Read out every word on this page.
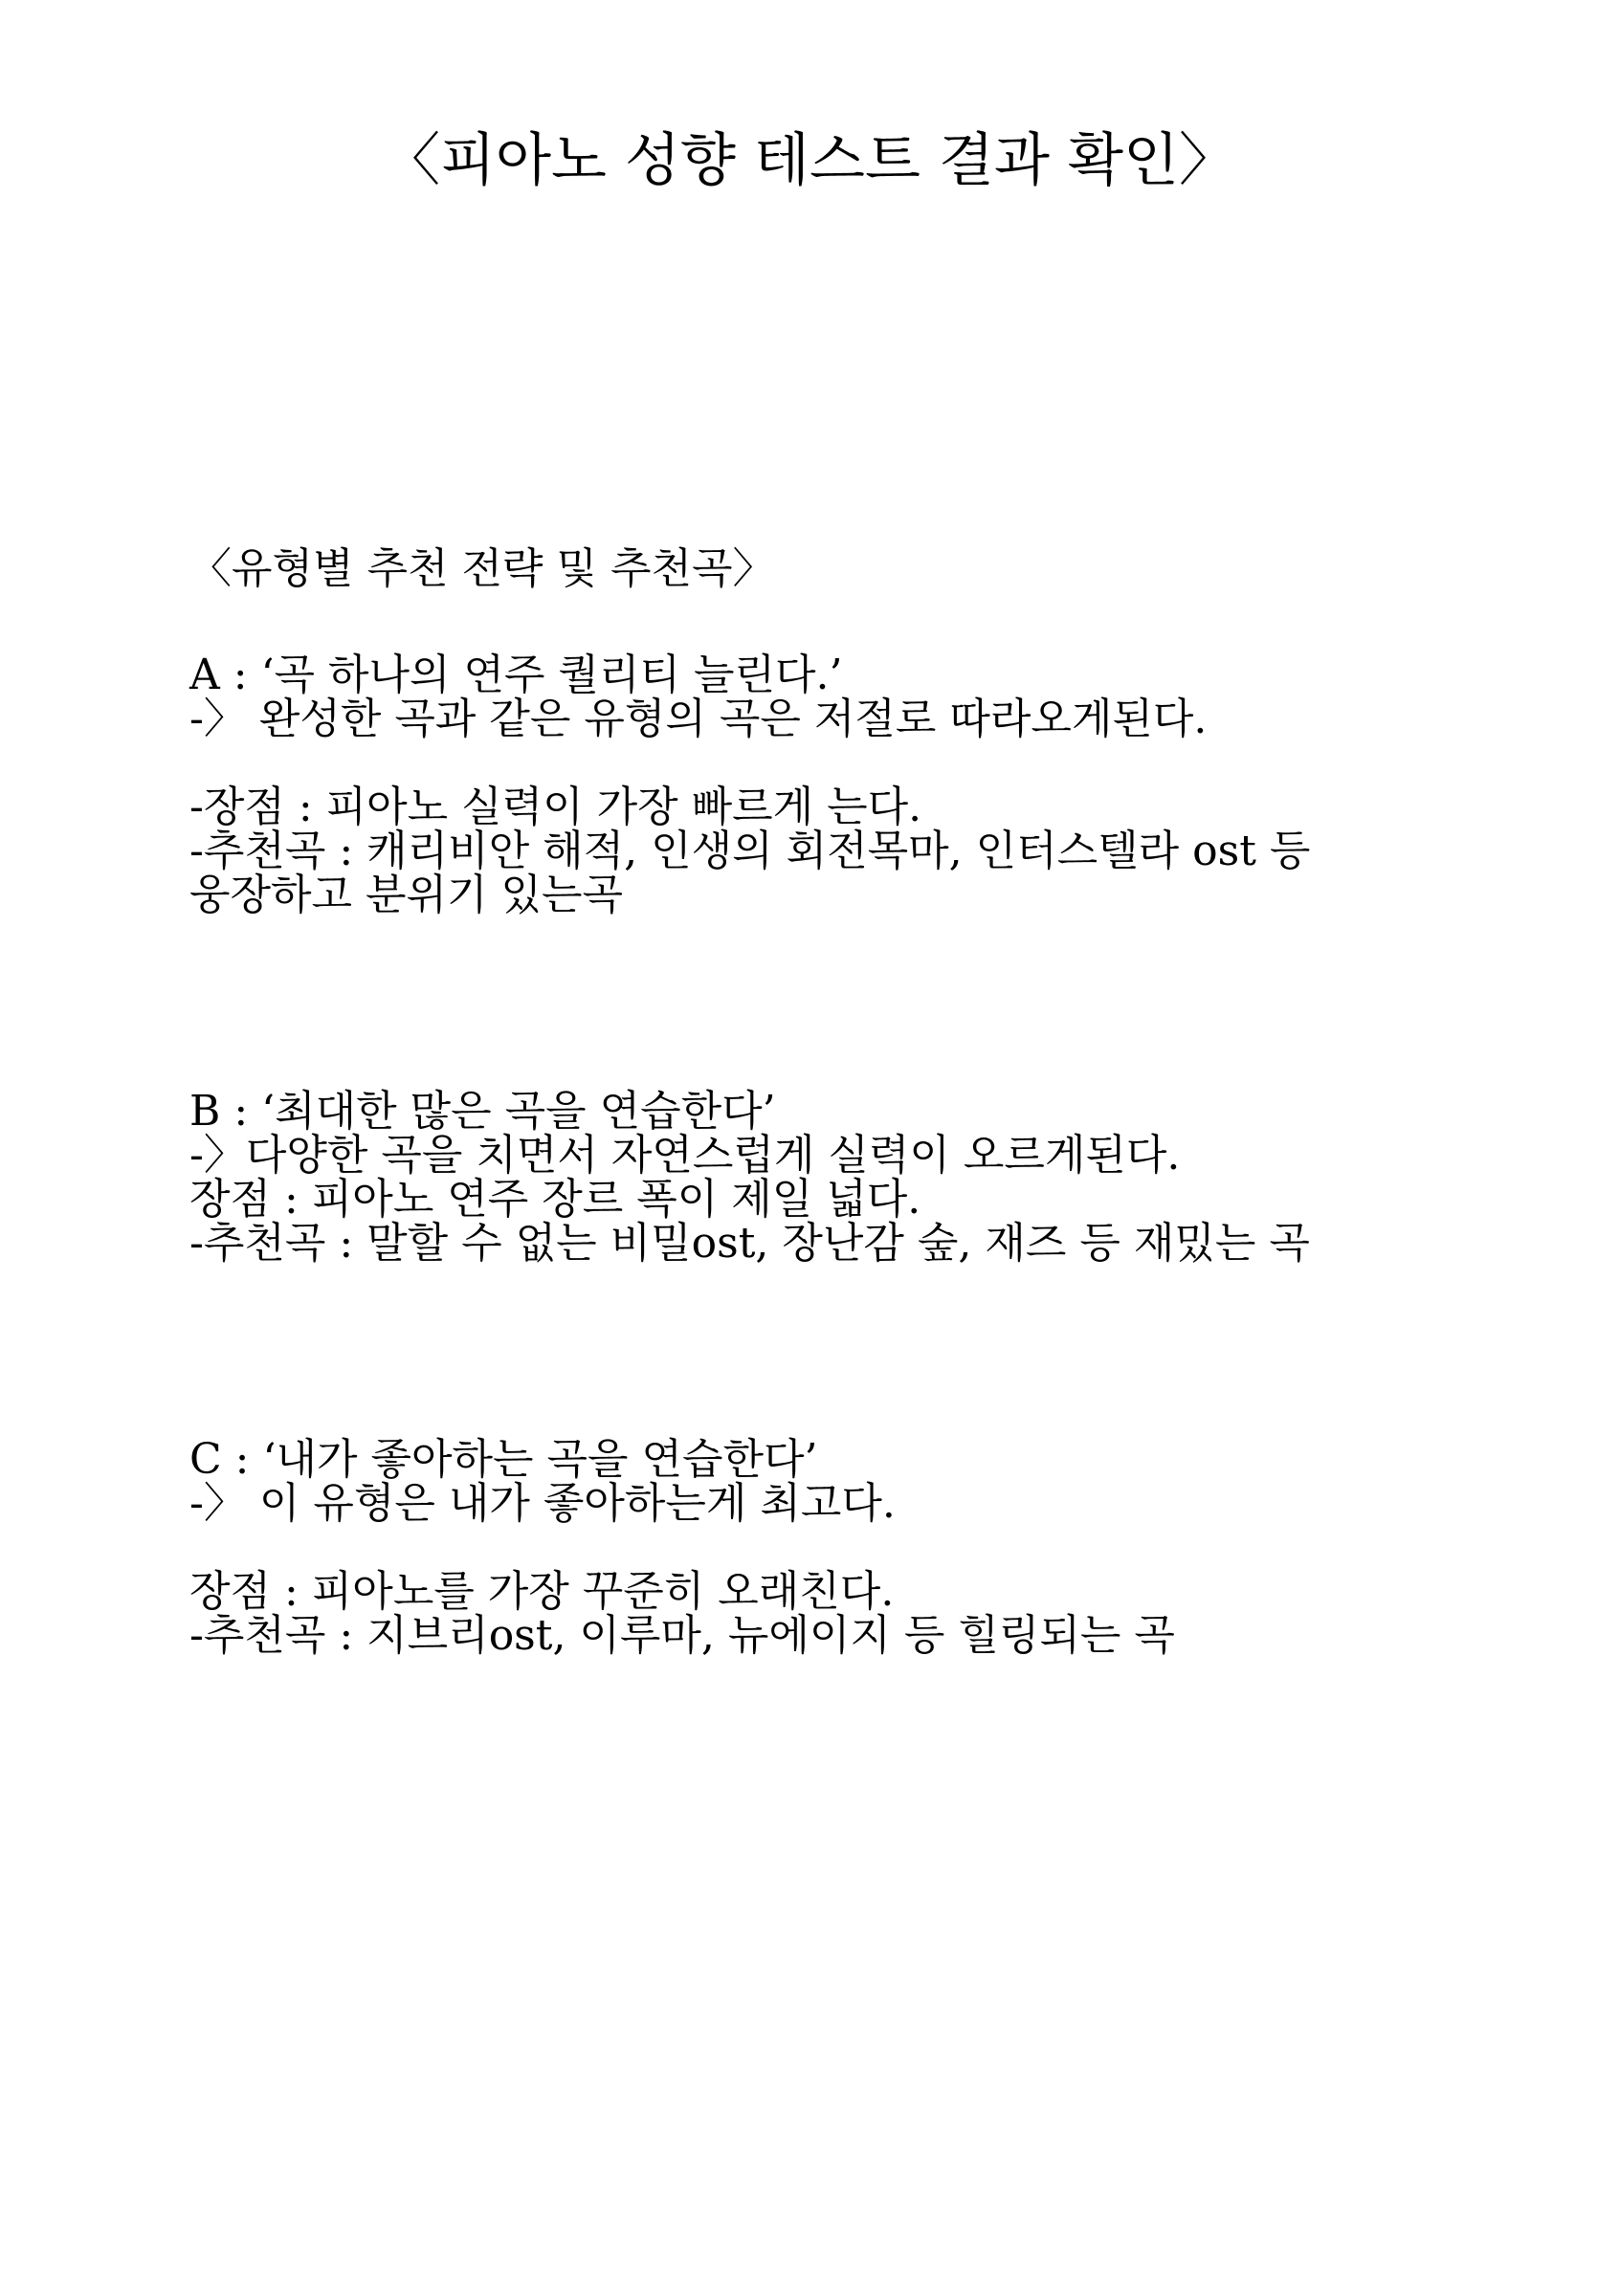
〈피아노 성향 테스트 결과 확인〉
〈유형별 추천 전략 및 추천곡〉
A : ‘곡 하나의 연주 퀄리티 늘린다.’
-〉 완성한 곡과 같은 유형의 곡은 저절로 따라오게된다.
-장점 : 피아노 실력이 가장 빠르게 는다.
-추천곡 : 캐리비안 해적, 인생의 회전목마, 인터스텔라 ost 등
웅장하고 분위기 있는곡
B : ‘최대한 많은 곡을 연습한다’
-〉다양한 곡을 치면서 자연스럽게 실력이 오르게된다.
장점 : 피아노 연주 장르 폭이 제일 넓다.
-추천곡 : 말할 수 없는 비밀ost, 장난감 숲, 재즈 등 재밌는 곡
C : ‘내가 좋아하는 곡을 연습한다’
-〉 이 유형은 내가 좋아하는게 최고다.
장점 : 피아노를 가장 꾸준히 오래친다.
-추천곡 : 지브리ost, 이루마, 뉴에이지 등 힐링되는 곡
